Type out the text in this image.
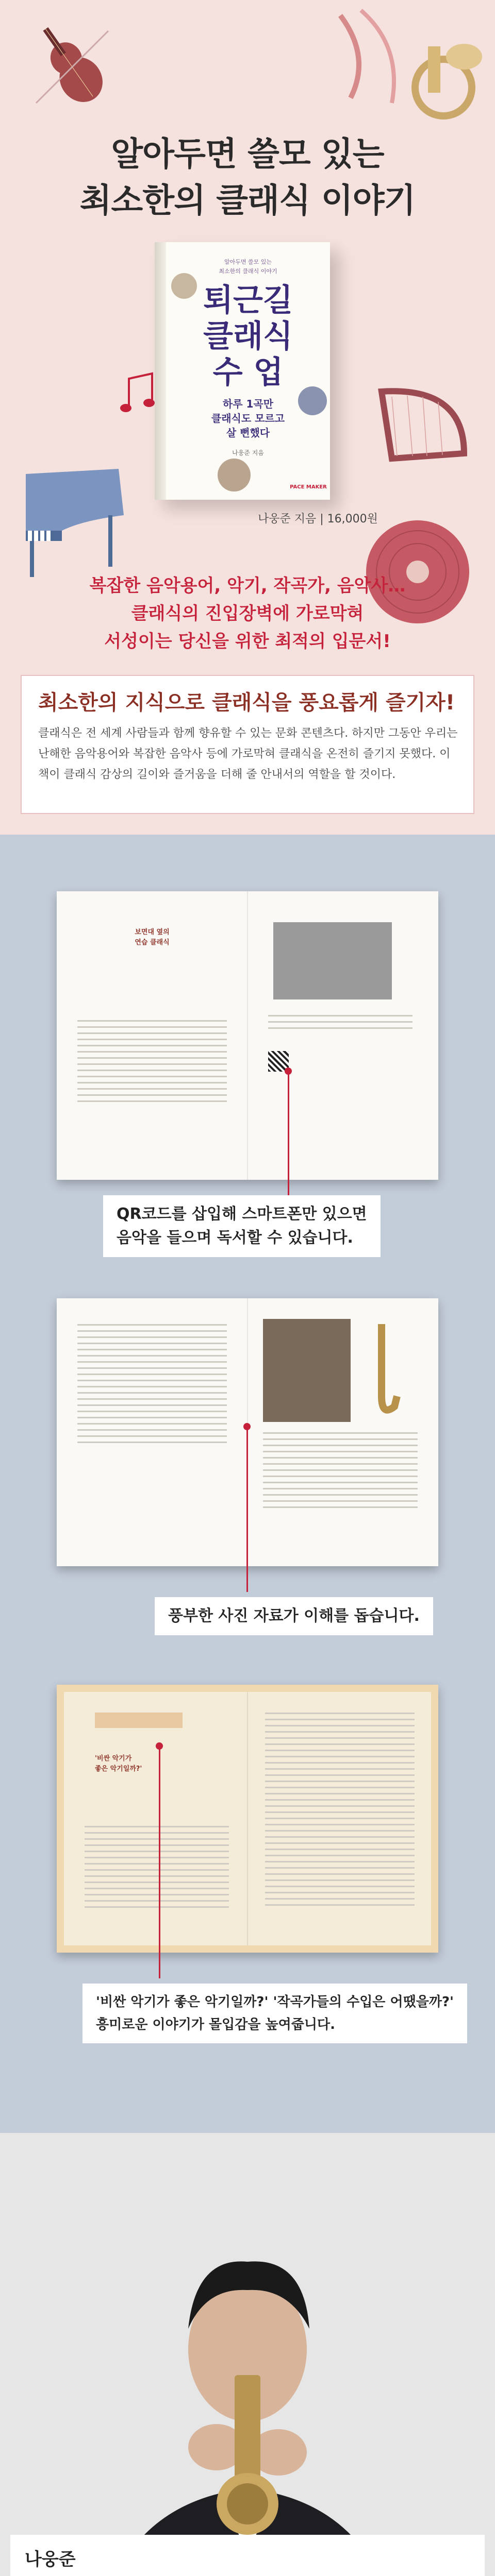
알아두면 쓸모 있는
최소한의 클래식 이야기
알아두면 쓸모 있는
최소한의 클래식 이야기
퇴근길
클래식
수 업
하루 1곡만
클래식도 모르고
살 뻔했다
나웅준 지음
PACE MAKER
나웅준 지음 | 16,000원
복잡한 음악용어, 악기, 작곡가, 음악사…
클래식의 진입장벽에 가로막혀
서성이는 당신을 위한 최적의 입문서!
최소한의 지식으로 클래식을 풍요롭게 즐기자!
클래식은 전 세계 사람들과 함께 향유할 수 있는 문화 콘텐츠다. 하지만 그동안 우리는 난해한 음악용어와 복잡한 음악사 등에 가로막혀 클래식을 온전히 즐기지 못했다. 이 책이 클래식 감상의 길이와 즐거움을 더해 줄 안내서의 역할을 할 것이다.
보면대 옆의
연습 클래식
QR코드를 삽입해 스마트폰만 있으면
음악을 들으며 독서할 수 있습니다.
풍부한 사진 자료가 이해를 돕습니다.
'비싼 악기가
좋은 악기일까?'
'비싼 악기가 좋은 악기일까?' '작곡가들의 수입은 어땠을까?'
흥미로운 이야기가 몰입감을 높여줍니다.
나웅준
